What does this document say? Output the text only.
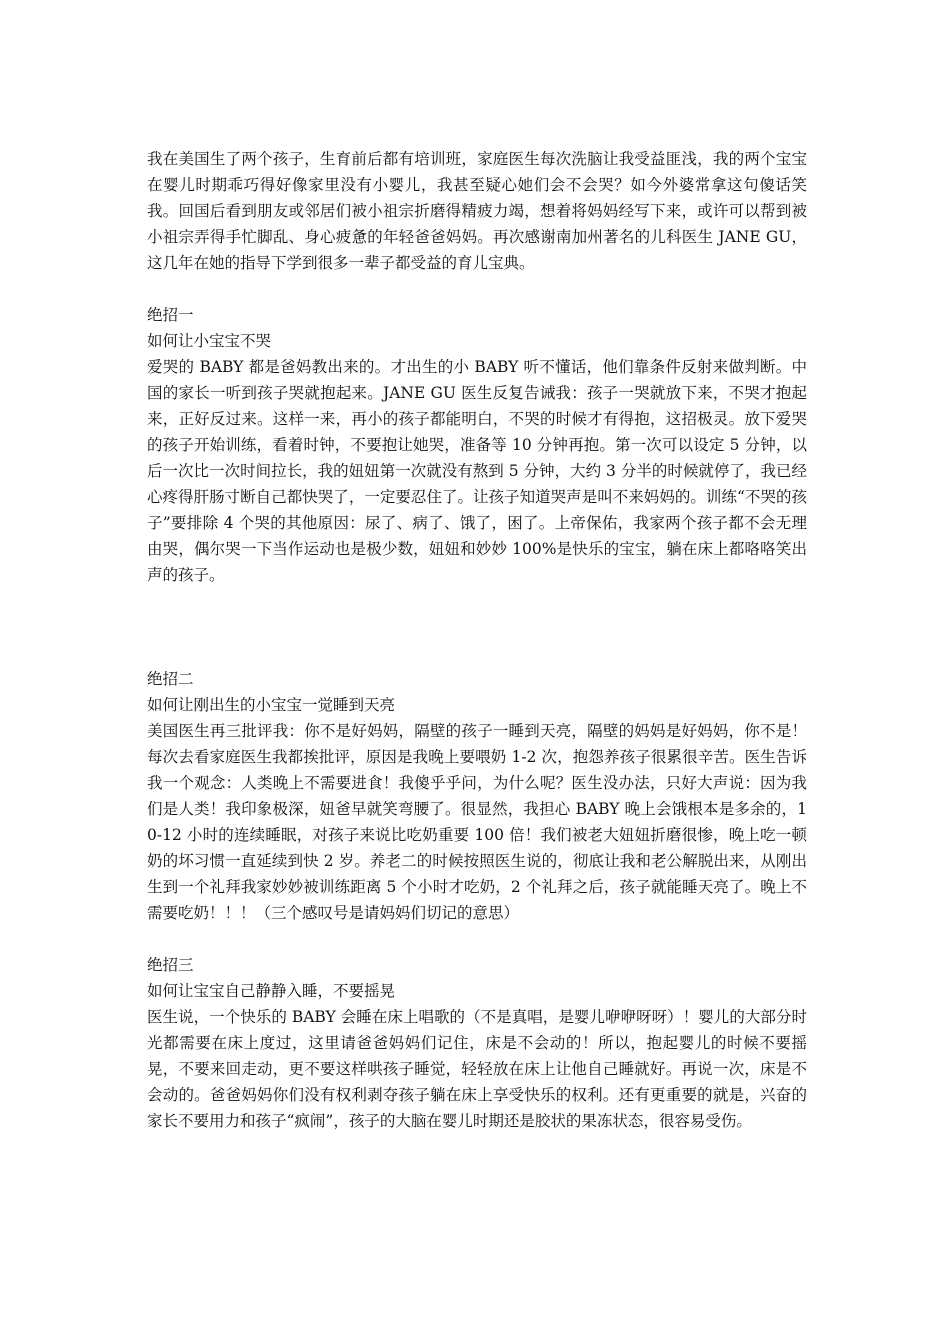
我在美国生了两个孩子，生育前后都有培训班，家庭医生每次洗脑让我受益匪浅，我的两个宝宝在婴儿时期乖巧得好像家里没有小婴儿，我甚至疑心她们会不会哭？如今外婆常拿这句傻话笑我。回国后看到朋友或邻居们被小祖宗折磨得精疲力竭，想着将妈妈经写下来，或许可以帮到被小祖宗弄得手忙脚乱、身心疲惫的年轻爸爸妈妈。再次感谢南加州著名的儿科医生 JANE GU，这几年在她的指导下学到很多一辈子都受益的育儿宝典。

绝招一

如何让小宝宝不哭

爱哭的 BABY 都是爸妈教出来的。才出生的小 BABY 听不懂话，他们靠条件反射来做判断。中国的家长一听到孩子哭就抱起来。JANE GU 医生反复告诫我：孩子一哭就放下来，不哭才抱起来，正好反过来。这样一来，再小的孩子都能明白，不哭的时候才有得抱，这招极灵。放下爱哭的孩子开始训练，看着时钟，不要抱让她哭，准备等 10 分钟再抱。第一次可以设定 5 分钟，以后一次比一次时间拉长，我的妞妞第一次就没有熬到 5 分钟，大约 3 分半的时候就停了，我已经心疼得肝肠寸断自己都快哭了，一定要忍住了。让孩子知道哭声是叫不来妈妈的。训练“不哭的孩子”要排除 4 个哭的其他原因：尿了、病了、饿了，困了。上帝保佑，我家两个孩子都不会无理由哭，偶尔哭一下当作运动也是极少数，妞妞和妙妙 100%是快乐的宝宝，躺在床上都咯咯笑出声的孩子。

绝招二

如何让刚出生的小宝宝一觉睡到天亮

美国医生再三批评我：你不是好妈妈，隔壁的孩子一睡到天亮，隔壁的妈妈是好妈妈，你不是！每次去看家庭医生我都挨批评，原因是我晚上要喂奶 1-2 次，抱怨养孩子很累很辛苦。医生告诉我一个观念：人类晚上不需要进食！我傻乎乎问，为什么呢？医生没办法，只好大声说：因为我们是人类！我印象极深，妞爸早就笑弯腰了。很显然，我担心 BABY 晚上会饿根本是多余的，10-12 小时的连续睡眠，对孩子来说比吃奶重要 100 倍！我们被老大妞妞折磨很惨，晚上吃一顿奶的坏习惯一直延续到快 2 岁。养老二的时候按照医生说的，彻底让我和老公解脱出来，从刚出生到一个礼拜我家妙妙被训练距离 5 个小时才吃奶，2 个礼拜之后，孩子就能睡天亮了。晚上不需要吃奶！！！（三个感叹号是请妈妈们切记的意思）

绝招三

如何让宝宝自己静静入睡，不要摇晃

医生说，一个快乐的 BABY 会睡在床上唱歌的（不是真唱，是婴儿咿咿呀呀）！婴儿的大部分时光都需要在床上度过，这里请爸爸妈妈们记住，床是不会动的！所以，抱起婴儿的时候不要摇晃，不要来回走动，更不要这样哄孩子睡觉，轻轻放在床上让他自己睡就好。再说一次，床是不会动的。爸爸妈妈你们没有权利剥夺孩子躺在床上享受快乐的权利。还有更重要的就是，兴奋的家长不要用力和孩子“疯闹”，孩子的大脑在婴儿时期还是胶状的果冻状态，很容易受伤。
